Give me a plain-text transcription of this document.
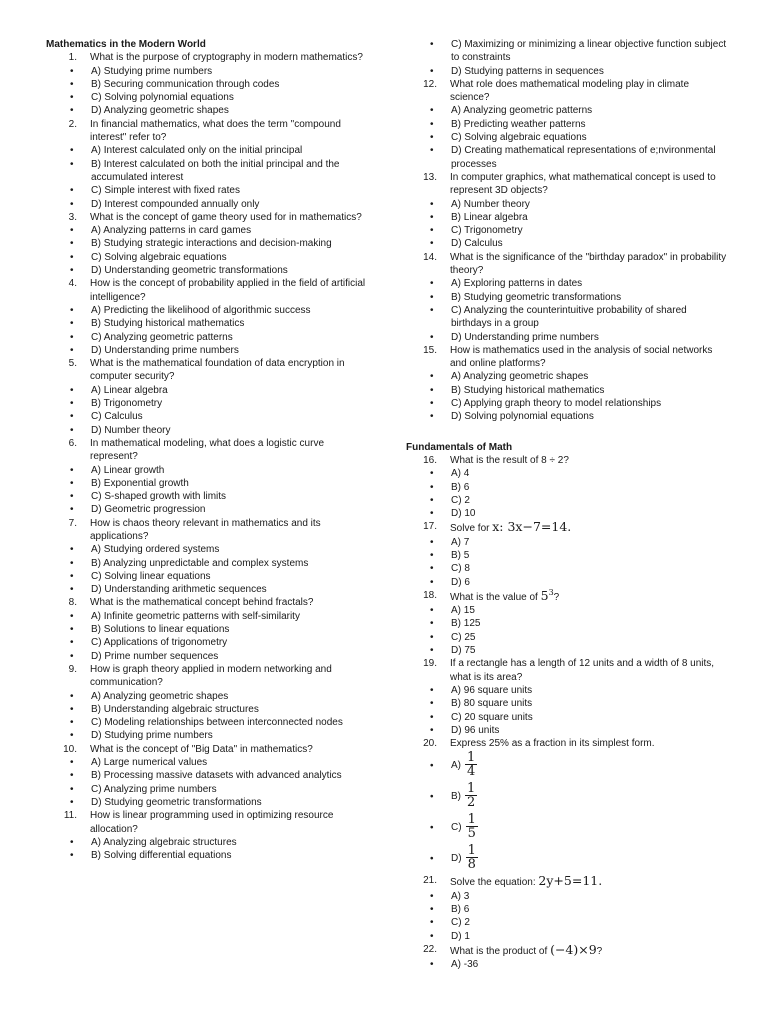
Mathematics in the Modern World
1. What is the purpose of cryptography in modern mathematics?
• A) Studying prime numbers
• B) Securing communication through codes
• C) Solving polynomial equations
• D) Analyzing geometric shapes
2. In financial mathematics, what does the term "compound interest" refer to?
• A) Interest calculated only on the initial principal
• B) Interest calculated on both the initial principal and the accumulated interest
• C) Simple interest with fixed rates
• D) Interest compounded annually only
3. What is the concept of game theory used for in mathematics?
• A) Analyzing patterns in card games
• B) Studying strategic interactions and decision-making
• C) Solving algebraic equations
• D) Understanding geometric transformations
4. How is the concept of probability applied in the field of artificial intelligence?
• A) Predicting the likelihood of algorithmic success
• B) Studying historical mathematics
• C) Analyzing geometric patterns
• D) Understanding prime numbers
5. What is the mathematical foundation of data encryption in computer security?
• A) Linear algebra
• B) Trigonometry
• C) Calculus
• D) Number theory
6. In mathematical modeling, what does a logistic curve represent?
• A) Linear growth
• B) Exponential growth
• C) S-shaped growth with limits
• D) Geometric progression
7. How is chaos theory relevant in mathematics and its applications?
• A) Studying ordered systems
• B) Analyzing unpredictable and complex systems
• C) Solving linear equations
• D) Understanding arithmetic sequences
8. What is the mathematical concept behind fractals?
• A) Infinite geometric patterns with self-similarity
• B) Solutions to linear equations
• C) Applications of trigonometry
• D) Prime number sequences
9. How is graph theory applied in modern networking and communication?
• A) Analyzing geometric shapes
• B) Understanding algebraic structures
• C) Modeling relationships between interconnected nodes
• D) Studying prime numbers
10. What is the concept of "Big Data" in mathematics?
• A) Large numerical values
• B) Processing massive datasets with advanced analytics
• C) Analyzing prime numbers
• D) Studying geometric transformations
11. How is linear programming used in optimizing resource allocation?
• A) Analyzing algebraic structures
• B) Solving differential equations
• C) Maximizing or minimizing a linear objective function subject to constraints
• D) Studying patterns in sequences
12. What role does mathematical modeling play in climate science?
• A) Analyzing geometric patterns
• B) Predicting weather patterns
• C) Solving algebraic equations
• D) Creating mathematical representations of e;nvironmental processes
13. In computer graphics, what mathematical concept is used to represent 3D objects?
• A) Number theory
• B) Linear algebra
• C) Trigonometry
• D) Calculus
14. What is the significance of the "birthday paradox" in probability theory?
• A) Exploring patterns in dates
• B) Studying geometric transformations
• C) Analyzing the counterintuitive probability of shared birthdays in a group
• D) Understanding prime numbers
15. How is mathematics used in the analysis of social networks and online platforms?
• A) Analyzing geometric shapes
• B) Studying historical mathematics
• C) Applying graph theory to model relationships
• D) Solving polynomial equations
Fundamentals of Math
16. What is the result of 8 ÷ 2?
• A) 4
• B) 6
• C) 2
• D) 10
17. Solve for x: 3x−7=14.
• A) 7
• B) 5
• C) 8
• D) 6
18. What is the value of $5^3$?
• A) 15
• B) 125
• C) 25
• D) 75
19. If a rectangle has a length of 12 units and a width of 8 units, what is its area?
• A) 96 square units
• B) 80 square units
• C) 20 square units
• D) 96 units
20. Express 25% as a fraction in its simplest form.
• $A) \frac{1}{4}$
• $B) \frac{1}{2}$
• $C) \frac{1}{5}$
• $D) \frac{1}{8}$
21. Solve the equation: 2y+5=11.
• A) 3
• B) 6
• C) 2
• D) 1
22. What is the product of (−4)×9?
• A) -36
